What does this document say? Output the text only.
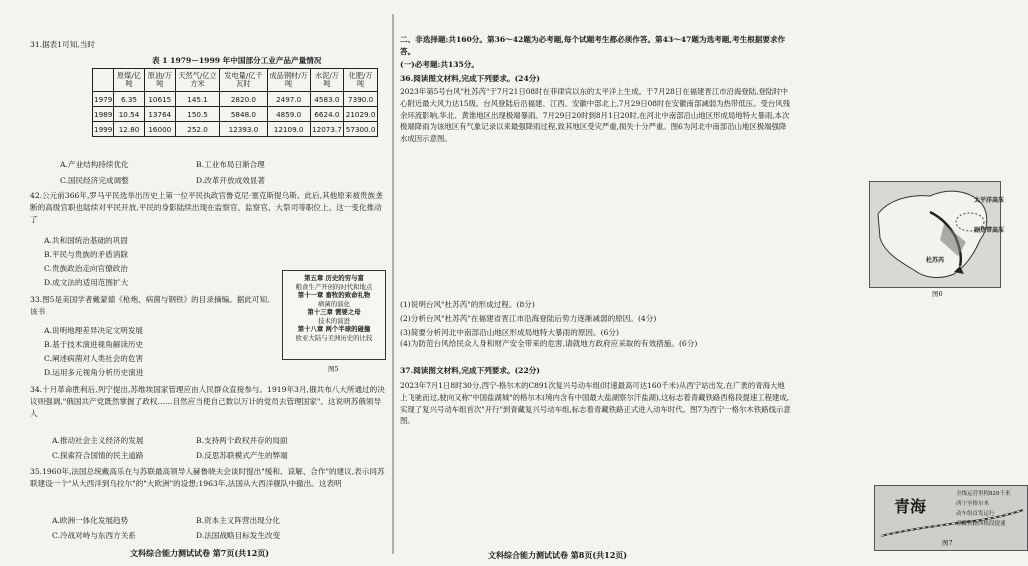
31.据表1可知,当时
表 1 1979－1999 年中国部分工业产品产量情况
	原煤/亿吨	原油/万吨	天然气/亿立方米	发电量/亿千瓦时	成品钢材/万吨	水泥/万吨	化肥/万吨
1979	6.35	10615	145.1	2820.0	2497.0	4583.0	7390.0
1989	10.54	13764	150.5	5848.0	4859.0	6624.0	21029.0
1999	12.80	16000	252.0	12393.0	12109.0	12073.7	57300.0
A.产业结构持续优化	B.工业布局日渐合理
C.国民经济完成调整	D.改革开放成效显著
42.公元前366年,罗马平民选举出历史上第一位平民执政官鲁克尼·塞克斯提乌斯。此后,其他原来被贵族垄断的高级官职也陆续对平民开放,平民的身影陆续出现在监察官、监察官、大祭司等职位上。这一变化推动了
A.共和国统治基础的巩固
B.平民与贵族的矛盾消除
C.贵族政治走向官僚政治
D.成文法的适用范围扩大
33.图5是美国学者戴蒙德《枪炮、病菌与钢铁》的目录摘编。据此可知,该书
A.说明地理差异决定文明发展
B.基于技术演进视角解读历史
C.阐述病菌对人类社会的危害
D.运用多元视角分析历史演进
第五章 历史的穷与富
粮食生产开创的时代和地点
第十一章 畜牧的致命礼物
病菌的演化
第十三章 需要之母
技术的演进
第十八章 两个半球的碰撞
欧亚大陆与美洲历史的比较
图5
34.十月革命胜利后,列宁提出,苏维埃国家管理应由人民群众直接参与。1919年3月,俄共布八大所通过的决议则强调,"俄国共产党既然掌握了政权……目然应当使自己数以万计的党员去管理国家"。这说明苏俄领导人
A.推动社会主义经济的发展	B.支持两个政权并存的局面
C.探索符合国情的民主道路	D.反思苏联模式产生的弊端
35.1960年,法国总统戴高乐在与苏联最高领导人赫鲁晓夫会谈时提出"缓和、谅解、合作"的建议,表示同苏联建设一个"从大西洋到乌拉尔"的"大欧洲"的设想;1963年,法国从大西洋舰队中撤出。这表明
A.欧洲一体化发展趋势	B.资本主义阵营出现分化
C.冷战对峙与东西方关系	D.法国战略目标发生改变
文科综合能力测试试卷 第7页(共12页)
二、非选择题:共160分。第36～42题为必考题,每个试题考生都必须作答。第43～47题为选考题,考生根据要求作答。
(一)必考题:共135分。
36.阅读图文材料,完成下列要求。(24分)
2023年第5号台风"杜苏芮"于7月21日08时在菲律宾以东的太平洋上生成。于7月28日在福建晋江市沿海登陆,登陆时中心附近最大风力达15级。台风登陆后沿福建、江西、安徽中部北上,7月29日08时在安徽南部减弱为热带低压。受台风残余环流影响,华北、黄淮地区出现极端暴雨。7月29日20时到8月1日20时,在河北中南部沿山地区形成局地特大暴雨,本次极端降雨为该地区有气象记录以来最强降雨过程,致其地区受灾严重,损失十分严重。图6为河北中南部沿山地区极端强降水成因示意图。
太平洋高压
副热带高压
杜苏芮
图6
(1)说明台风"杜苏芮"的形成过程。(8分)
(2)分析台风"杜苏芮"在福建省晋江市沿海登陆后势力逐渐减弱的原因。(4分)
(3)简要分析河北中南部沿山地区形成局地特大暴雨的原因。(6分)
(4)为防范台风给民众人身和财产安全带来的危害,请就地方政府应采取的有效措施。(6分)
37.阅读图文材料,完成下列要求。(22分)
2023年7月1日8时30分,西宁-格尔木的C891次复兴号动车组(时速最高可达160千米)从西宁站出发,在广袤的青海大地上飞驰而过,驶向又称"中国盐湖城"的格尔木(境内含有中国最大盐湖察尔汗盐湖),这标志着青藏铁路西格段提速工程建成,实现了复兴号动车组首次"开行"到青藏复兴号动车组,标志着青藏铁路正式进入动车时代。图7为西宁一格尔木铁路线示意图。
青海
全线运营里程829千米
西宁至格尔木
动车组首发运行
青藏铁路西格段提速
图7
文科综合能力测试试卷 第8页(共12页)
